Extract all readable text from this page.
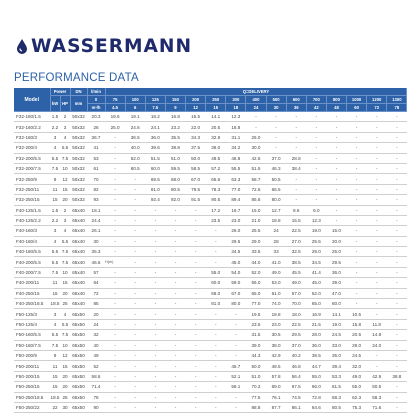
WASSERMANN
PERFORMANCE DATA
Model	Power		DN	l/min	Q=DELIVERY														
	kW	HP	mm	0	75	100	125	150	200	250	300	400	500	600	700	800	1000	1200	1300
				m³/h	4.5	6	7.5	9	12	15	18	24	30	36	42	48	60	72	78
F32-160/1.5	1.5	2	50x32	20.3	19.6	19.1	18.2	16.8	15.5	14.1	12.3	-	-	-	-	-	-	-	-
F32-160/2.2	2.2	3	50x32	26	25.0	24.6	24.1	23.2	22.0	20.5	18.8	-	-	-	-	-	-	-	-
F32-160/3	3	4	50x32	36.7	-	36.5	36.0	35.5	34.3	32.9	31.1	26.0	-	-	-	-	-	-	-
F32-200/4	4	5.5	50x32	41	-	40.0	39.6	38.8	37.5	36.0	34.2	30.0	-	-	-	-	-	-	-
F32-200/5.5	5.5	7.5	50x32	53	-	52.0	51.5	51.0	50.0	48.5	46.8	42.6	37.0	28.8	-	-	-	-	-
F32-200/7.5	7.5	10	50x32	61	-	60.5	60.0	59.5	58.5	57.2	55.5	51.5	46.3	38.4	-	-	-	-	-
F32-250/9	9	12	50x32	70	-	-	69.5	68.0	67.0	65.6	63.3	58.7	50.5	-	-	-	-	-	-
F32-250/11	11	15	50x32	82	-	-	81.0	80.5	79.5	78.3	77.0	72.6	66.5	-	-	-	-	-	-
F32-250/15	15	20	50x32	93	-	-	92.4	92.0	91.5	90.5	89.4	85.6	80.0	-	-	-	-	-	-
F40-125/1.5	1.5	2	65x40	18.1	-	-	-	-	-	17.2	16.7	15.0	12.7	9.6	6.0	-	-	-	-
F40-125/2.2	2.2	3	65x40	24.4	-	-	-	-	-	23.5	23.0	21.0	18.8	15.5	12.3	-	-	-	-
F40-160/3	3	4	65x40	26.1	-	-	-	-	-	-	26.0	25.5	24	22.5	19.0	15.0	-	-	-
F40-160/4	4	5.5	65x40	30	-	-	-	-	-	-	29.5	29.0	28	27.0	25.5	20.0	-	-	-
F40-160/5.5	5.5	7.5	65x40	35.3	-	-	-	-	-	-	34.5	33.5	33	32.5	29.0	25.0	-	-	-
F40-200/5.5	5.5	7.5	65x40	46.6	H(m)	-	-	-	-	-	45.0	44.0	41.0	38.5	34.5	29.5	-	-	-
F40-200/7.5	7.5	10	65x40	57	-	-	-	-	-	55.0	54.0	52.0	49.0	45.5	41.4	36.0	-	-	-
F40-200/11	11	15	65x40	64	-	-	-	-	-	60.0	59.0	56.0	53.0	49.0	45.0	39.0	-	-	-
F40-250/15	15	20	65x40	72	-	-	-	-	-	68.0	67.0	65.0	61.0	57.0	52.0	47.0	-	-	-
F40-250/18.5	18.5	25	65x40	85	-	-	-	-	-	81.0	80.0	77.0	74.0	70.0	65.0	60.0	-	-	-
F50-125/3	3	4	65x50	20	-	-	-	-	-	-	-	19.5	18.8	18.0	16.9	14.1	10.5	-	-
F50-125/4	4	5.5	65x50	24	-	-	-	-	-	-	-	23.5	23.0	22.5	21.5	19.0	15.8	11.8	-
F50-160/5.5	5.5	7.5	65x50	32	-	-	-	-	-	-	-	31.5	30.5	29.5	28.0	24.5	20.5	14.8	-
F50-160/7.5	7.5	10	65x50	40	-	-	-	-	-	-	-	39.0	38.0	37.0	36.0	33.0	29.0	24.0	-
F50-200/9	9	12	65x50	49	-	-	-	-	-	-	-	44.3	42.9	40.2	38.5	35.0	24.5	-	-
F50-200/11	11	15	65x50	52	-	-	-	-	-	-	45.7	50.0	48.5	46.8	44.7	39.4	32.0	-	-
F50-200/15	15	20	65x50	58.6	-	-	-	-	-	-	52.1	51.0	57.8	56.4	55.0	53.3	49.0	42.9	38.8
F50-250/15	15	20	65x50	71.4	-	-	-	-	-	-	58.1	70.2	69.0	67.5	66.0	61.5	55.0	50.5	-
F50-250/18.5	18.5	25	65x50	78	-	-	-	-	-	-	-	77.5	76.1	74.5	72.8	68.3	62.3	58.3	-
F50-250/22	22	30	65x50	90	-	-	-	-	-	-	-	88.8	87.7	86.1	84.6	80.5	75.3	71.6	-
